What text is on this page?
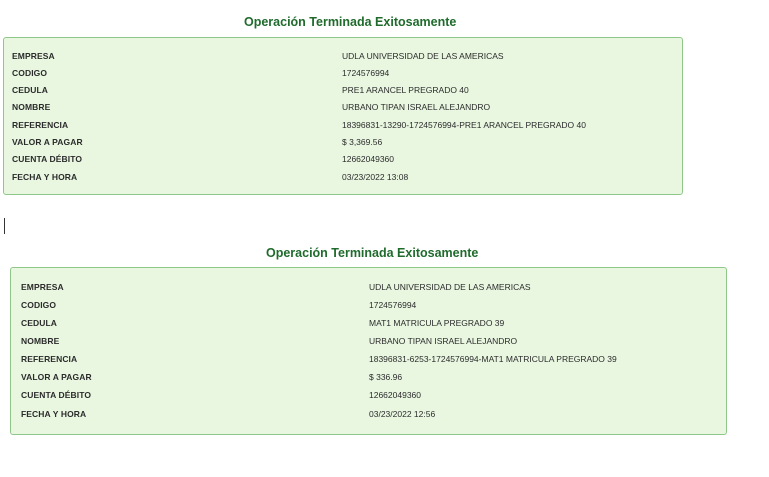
Operación Terminada Exitosamente
EMPRESA	UDLA UNIVERSIDAD DE LAS AMERICAS
CODIGO	1724576994
CEDULA	PRE1 ARANCEL PREGRADO 40
NOMBRE	URBANO TIPAN ISRAEL ALEJANDRO
REFERENCIA	18396831-13290-1724576994-PRE1 ARANCEL PREGRADO 40
VALOR A PAGAR	$ 3,369.56
CUENTA DÉBITO	12662049360
FECHA Y HORA	03/23/2022 13:08
Operación Terminada Exitosamente
EMPRESA	UDLA UNIVERSIDAD DE LAS AMERICAS
CODIGO	1724576994
CEDULA	MAT1 MATRICULA PREGRADO 39
NOMBRE	URBANO TIPAN ISRAEL ALEJANDRO
REFERENCIA	18396831-6253-1724576994-MAT1 MATRICULA PREGRADO 39
VALOR A PAGAR	$ 336.96
CUENTA DÉBITO	12662049360
FECHA Y HORA	03/23/2022 12:56
